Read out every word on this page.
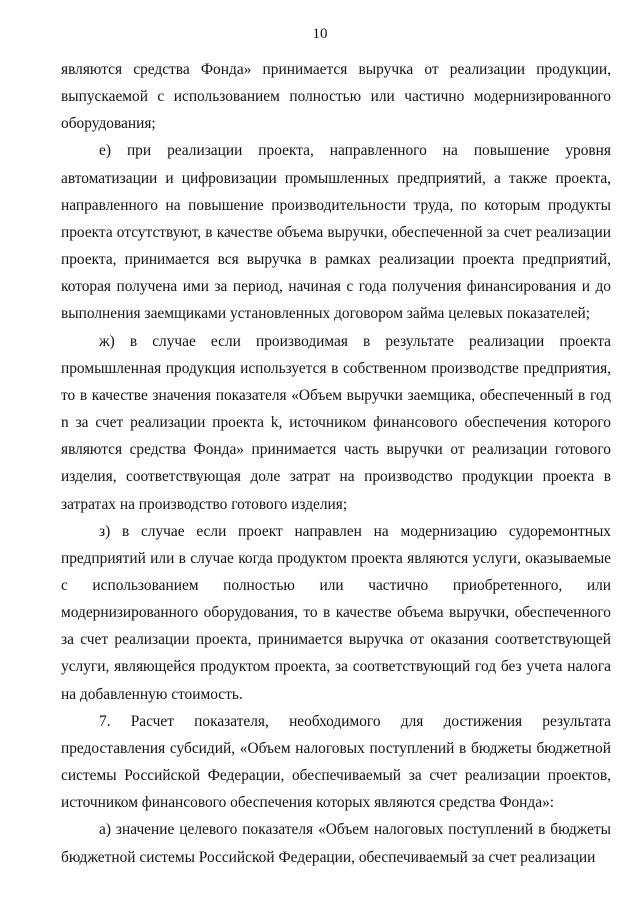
10

являются средства Фонда» принимается выручка от реализации продукции, выпускаемой с использованием полностью или частично модернизированного оборудования;

е) при реализации проекта, направленного на повышение уровня автоматизации и цифровизации промышленных предприятий, а также проекта, направленного на повышение производительности труда, по которым продукты проекта отсутствуют, в качестве объема выручки, обеспеченной за счет реализации проекта, принимается вся выручка в рамках реализации проекта предприятий, которая получена ими за период, начиная с года получения финансирования и до выполнения заемщиками установленных договором займа целевых показателей;

ж) в случае если производимая в результате реализации проекта промышленная продукция используется в собственном производстве предприятия, то в качестве значения показателя «Объем выручки заемщика, обеспеченный в год n за счет реализации проекта k, источником финансового обеспечения которого являются средства Фонда» принимается часть выручки от реализации готового изделия, соответствующая доле затрат на производство продукции проекта в затратах на производство готового изделия;

з) в случае если проект направлен на модернизацию судоремонтных предприятий или в случае когда продуктом проекта являются услуги, оказываемые с использованием полностью или частично приобретенного, или модернизированного оборудования, то в качестве объема выручки, обеспеченного за счет реализации проекта, принимается выручка от оказания соответствующей услуги, являющейся продуктом проекта, за соответствующий год без учета налога на добавленную стоимость.

7. Расчет показателя, необходимого для достижения результата предоставления субсидий, «Объем налоговых поступлений в бюджеты бюджетной системы Российской Федерации, обеспечиваемый за счет реализации проектов, источником финансового обеспечения которых являются средства Фонда»:

а) значение целевого показателя «Объем налоговых поступлений в бюджеты бюджетной системы Российской Федерации, обеспечиваемый за счет реализации
